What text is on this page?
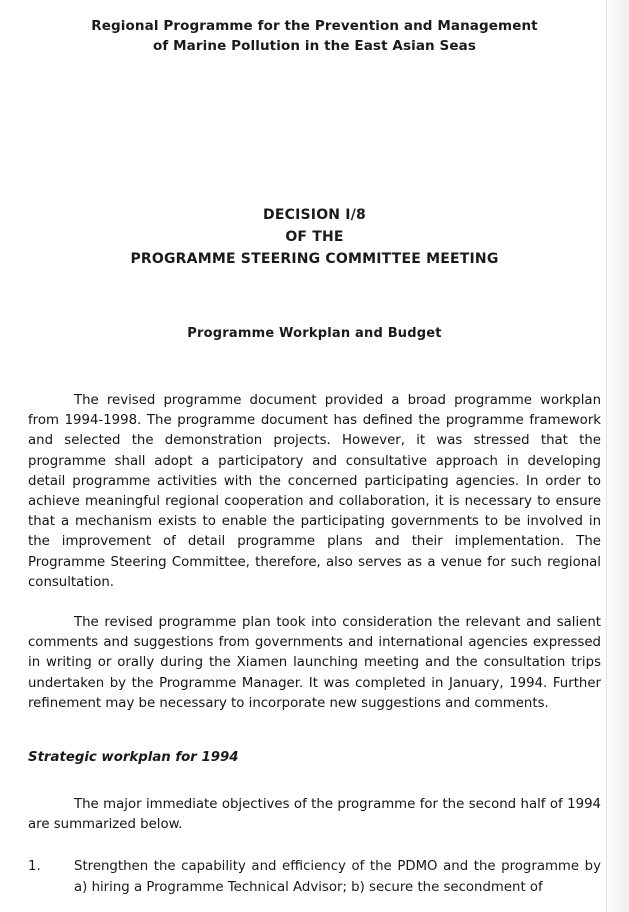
Regional Programme for the Prevention and Management
of Marine Pollution in the East Asian Seas
DECISION I/8
OF THE
PROGRAMME STEERING COMMITTEE MEETING
Programme Workplan and Budget

The revised programme document provided a broad programme workplan from 1994-1998. The programme document has defined the programme framework and selected the demonstration projects. However, it was stressed that the programme shall adopt a participatory and consultative approach in developing detail programme activities with the concerned participating agencies. In order to achieve meaningful regional cooperation and collaboration, it is necessary to ensure that a mechanism exists to enable the participating governments to be involved in the improvement of detail programme plans and their implementation. The Programme Steering Committee, therefore, also serves as a venue for such regional consultation.

The revised programme plan took into consideration the relevant and salient comments and suggestions from governments and international agencies expressed in writing or orally during the Xiamen launching meeting and the consultation trips undertaken by the Programme Manager. It was completed in January, 1994. Further refinement may be necessary to incorporate new suggestions and comments.

Strategic workplan for 1994

The major immediate objectives of the programme for the second half of 1994 are summarized below.

1.	Strengthen the capability and efficiency of the PDMO and the programme by a) hiring a Programme Technical Advisor; b) secure the secondment of
